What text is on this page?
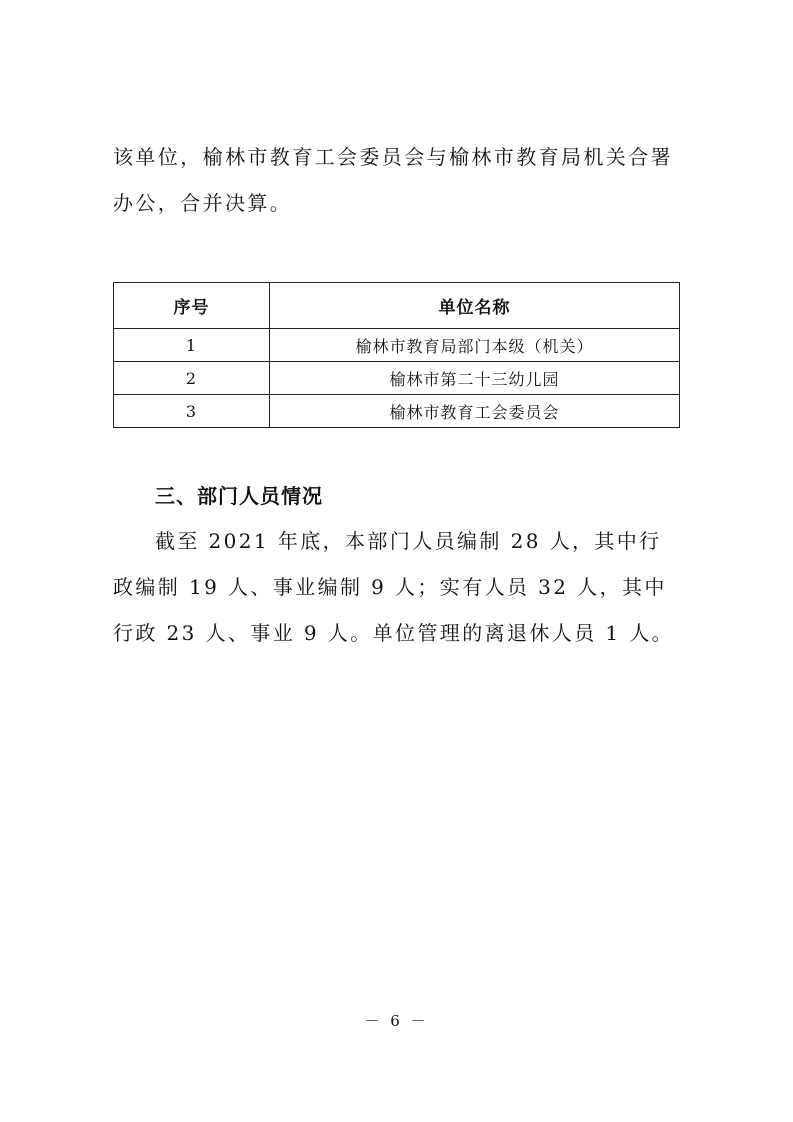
该单位，榆林市教育工会委员会与榆林市教育局机关合署办公，合并决算。

序号	单位名称
1	榆林市教育局部门本级（机关）
2	榆林市第二十三幼儿园
3	榆林市教育工会委员会
三、部门人员情况

截至 2021 年底，本部门人员编制 28 人，其中行政编制 19 人、事业编制 9 人；实有人员 32 人，其中行政 23 人、事业 9 人。单位管理的离退休人员 1 人。

－ 6 －
